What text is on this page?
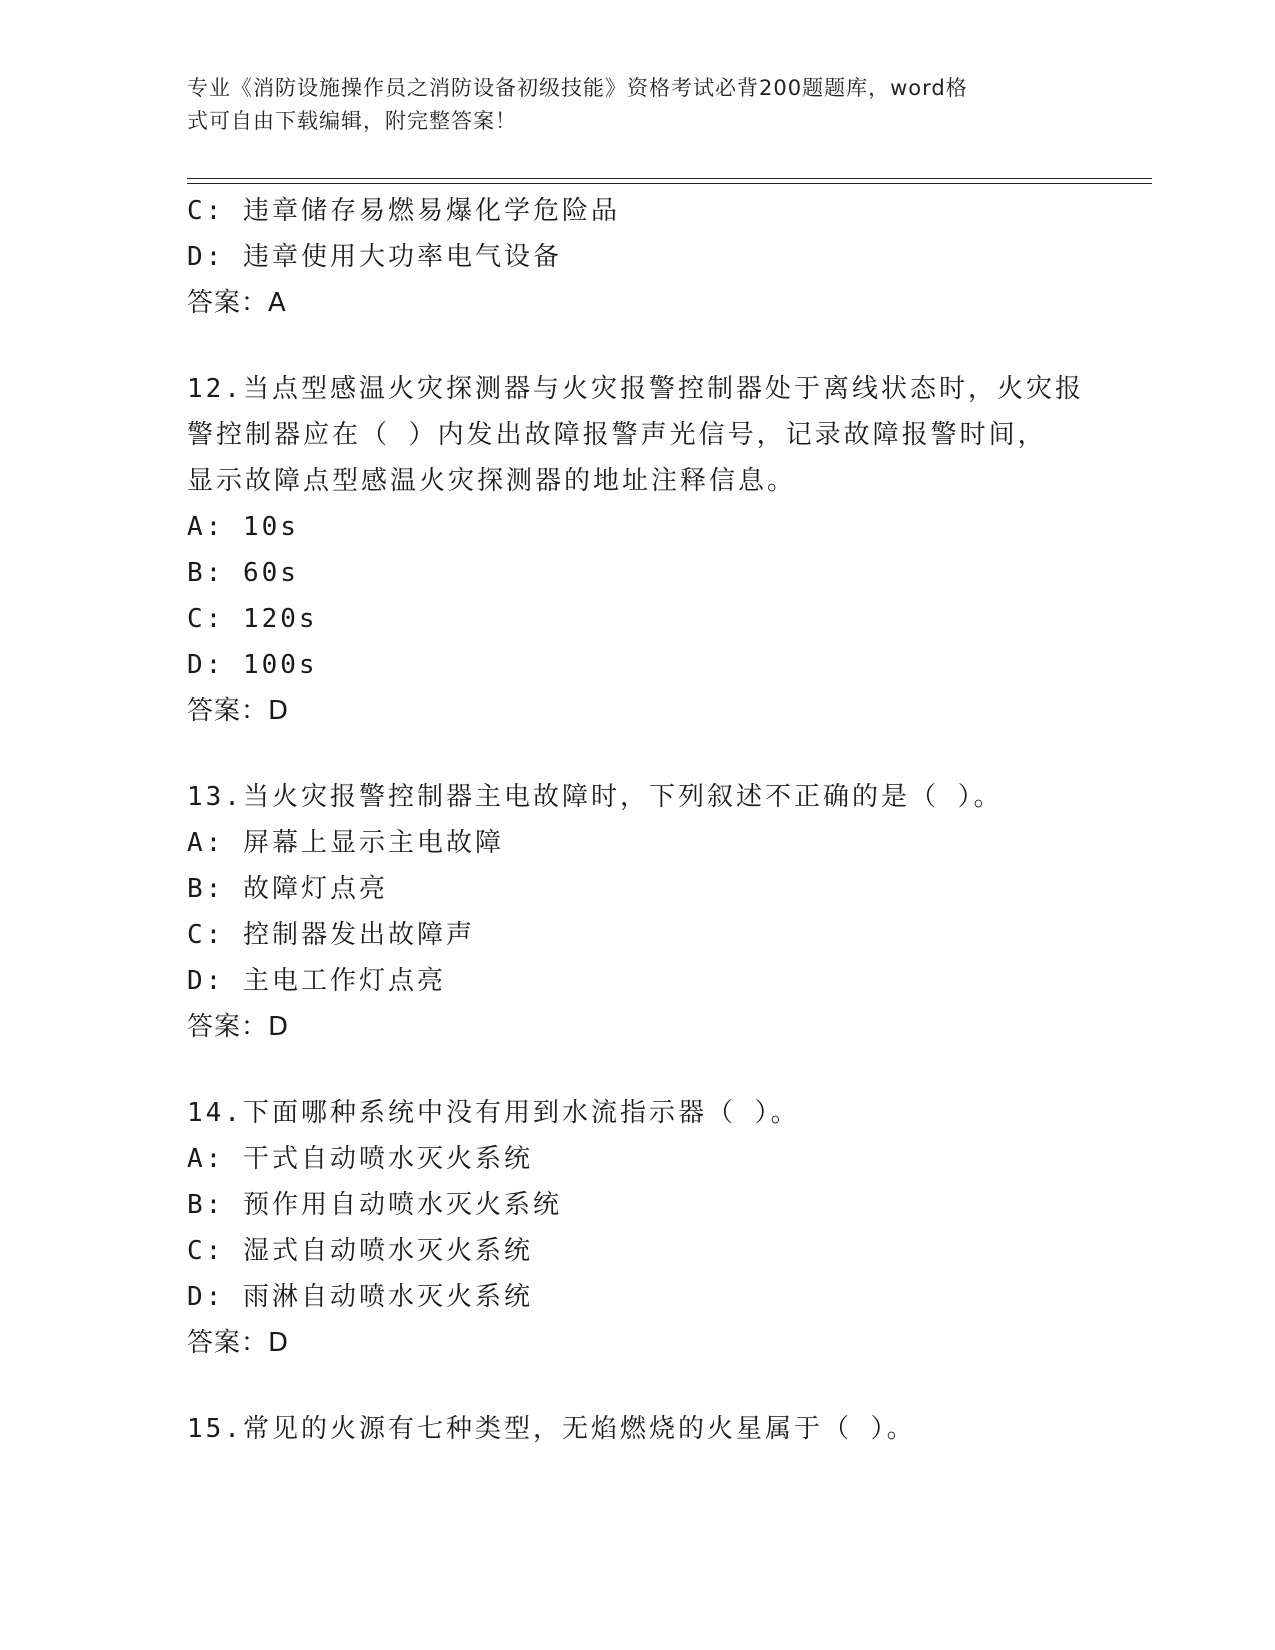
专业《消防设施操作员之消防设备初级技能》资格考试必背200题题库，word格
式可自由下载编辑，附完整答案！
C: 违章储存易燃易爆化学危险品
D: 违章使用大功率电气设备
答案：A
12.当点型感温火灾探测器与火灾报警控制器处于离线状态时，火灾报
警控制器应在（ ）内发出故障报警声光信号，记录故障报警时间，
显示故障点型感温火灾探测器的地址注释信息。
A: 10s
B: 60s
C: 120s
D: 100s
答案：D
13.当火灾报警控制器主电故障时，下列叙述不正确的是（ ）。
A: 屏幕上显示主电故障
B: 故障灯点亮
C: 控制器发出故障声
D: 主电工作灯点亮
答案：D
14.下面哪种系统中没有用到水流指示器（ ）。
A: 干式自动喷水灭火系统
B: 预作用自动喷水灭火系统
C: 湿式自动喷水灭火系统
D: 雨淋自动喷水灭火系统
答案：D
15.常见的火源有七种类型，无焰燃烧的火星属于（ ）。
